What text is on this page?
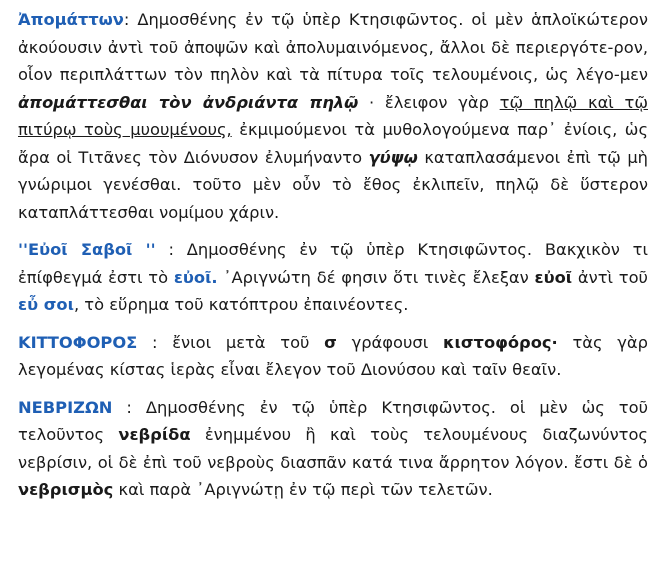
Ἀπομάττων: Δημοσθένης ἐν τῷ ὑπὲρ Κτησιφῶντος. οἱ μὲν ἁπλοϊκώτερον ἀκούουσιν ἀντὶ τοῦ ἀποψῶν καὶ ἀπολυμαινόμενος, ἄλλοι δὲ περιεργότε-ρον, οἷον περιπλάττων τὸν πηλὸν καὶ τὰ πίτυρα τοῖς τελουμένοις, ὡς λέγο-μεν ἀπομάττεσθαι τὸν ἀνδριάντα πηλῷ · ἔλειφον γὰρ τῷ πηλῷ καὶ τῷ πιτύρῳ τοὺς μυουμένους, ἐκμιμούμενοι τὰ μυθολογούμενα παρ᾽ ἐνίοις, ὡς ἄρα οἱ Τιτᾶνες τὸν Διόνυσον ἐλυμήναντο γύψῳ καταπλασάμενοι ἐπὶ τῷ μὴ γνώριμοι γενέσθαι. τοῦτο μὲν οὖν τὸ ἔθος ἐκλιπεῖν, πηλῷ δὲ ὕστερον καταπλάττεσθαι νομίμου χάριν.

''Εὐοῖ Σαβοῖ '' : Δημοσθένης ἐν τῷ ὑπὲρ Κτησιφῶντος. Βακχικὸν τι ἐπίφθεγμά ἐστι τὸ εὐοῖ. ᾽Αριγνώτη δέ φησιν ὅτι τινὲς ἔλεξαν εὐοῖ ἀντὶ τοῦ εὖ σοι, τὸ εὕρημα τοῦ κατόπτρου ἐπαινέοντες.

ΚΙΤΤΟΦΟΡΟΣ : ἔνιοι μετὰ τοῦ σ γράφουσι κιστοφόρος· τὰς γὰρ λεγομένας κίστας ἱερὰς εἶναι ἔλεγον τοῦ Διονύσου καὶ ταῖν θεαῖν.

ΝΕΒΡΙΖΩΝ : Δημοσθένης ἐν τῷ ὑπὲρ Κτησιφῶντος. οἱ μὲν ὡς τοῦ τελοῦντος νεβρίδα ἐνημμένου ἢ καὶ τοὺς τελουμένους διαζωνύντος νεβρίσιν, οἱ δὲ ἐπὶ τοῦ νεβροὺς διασπᾶν κατά τινα ἄρρητον λόγον. ἔστι δὲ ὁ νεβρισμὸς καὶ παρὰ ᾽Αριγνώτῃ ἐν τῷ περὶ τῶν τελετῶν.
